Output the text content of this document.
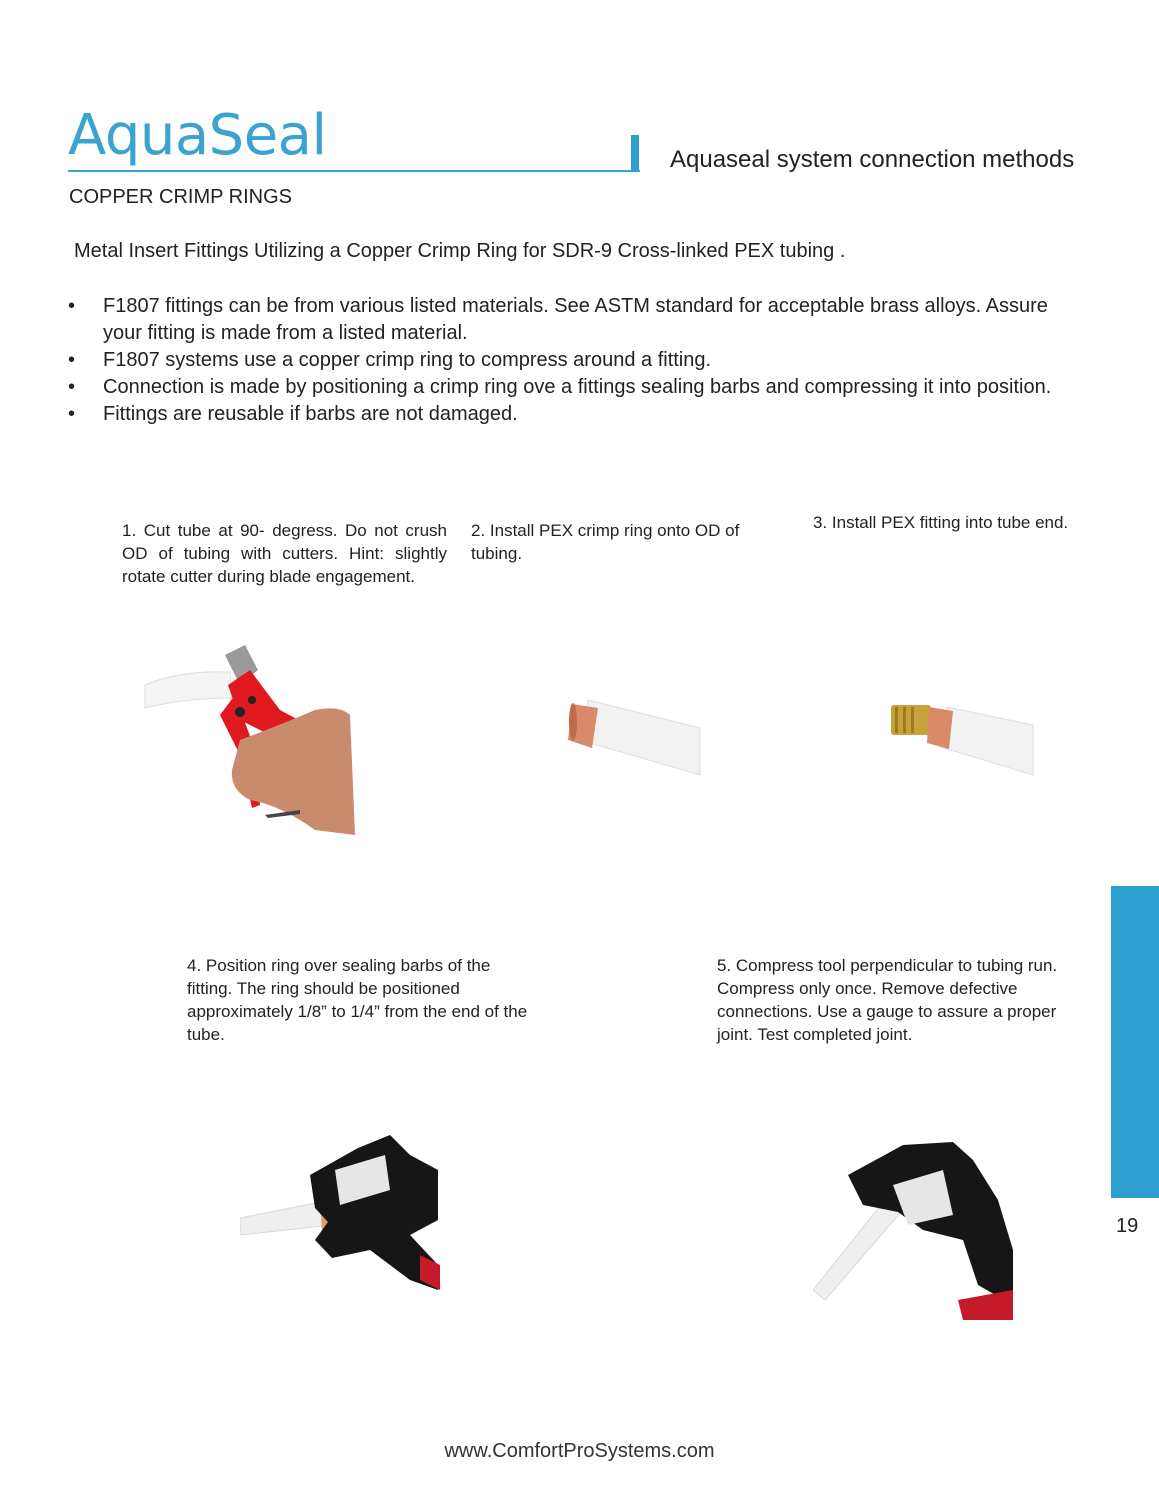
AquaSeal	Aquaseal system connection methods
COPPER CRIMP RINGS
Metal Insert Fittings Utilizing a Copper Crimp Ring for SDR-9 Cross-linked PEX tubing .
• F1807 fittings can be from various listed materials. See ASTM standard for acceptable brass alloys. Assure your fitting is made from a listed material.
• F1807 systems use a copper crimp ring to compress around a fitting.
• Connection is made by positioning a crimp ring ove a fittings sealing barbs and compressing it into position.
• Fittings are reusable if barbs are not damaged.
1. Cut tube at 90- degress. Do not crush OD of tubing with cutters. Hint: slightly rotate cutter during blade engagement.
2. Install PEX crimp ring onto OD of tubing.
3. Install PEX fitting into tube end.
4. Position ring over sealing barbs of the fitting. The ring should be positioned approximately 1/8” to 1/4” from the end of the tube.
5. Compress tool perpendicular to tubing run. Compress only once. Remove defective connections. Use a gauge to assure a proper joint. Test completed joint.
19
www.ComfortProSystems.com
